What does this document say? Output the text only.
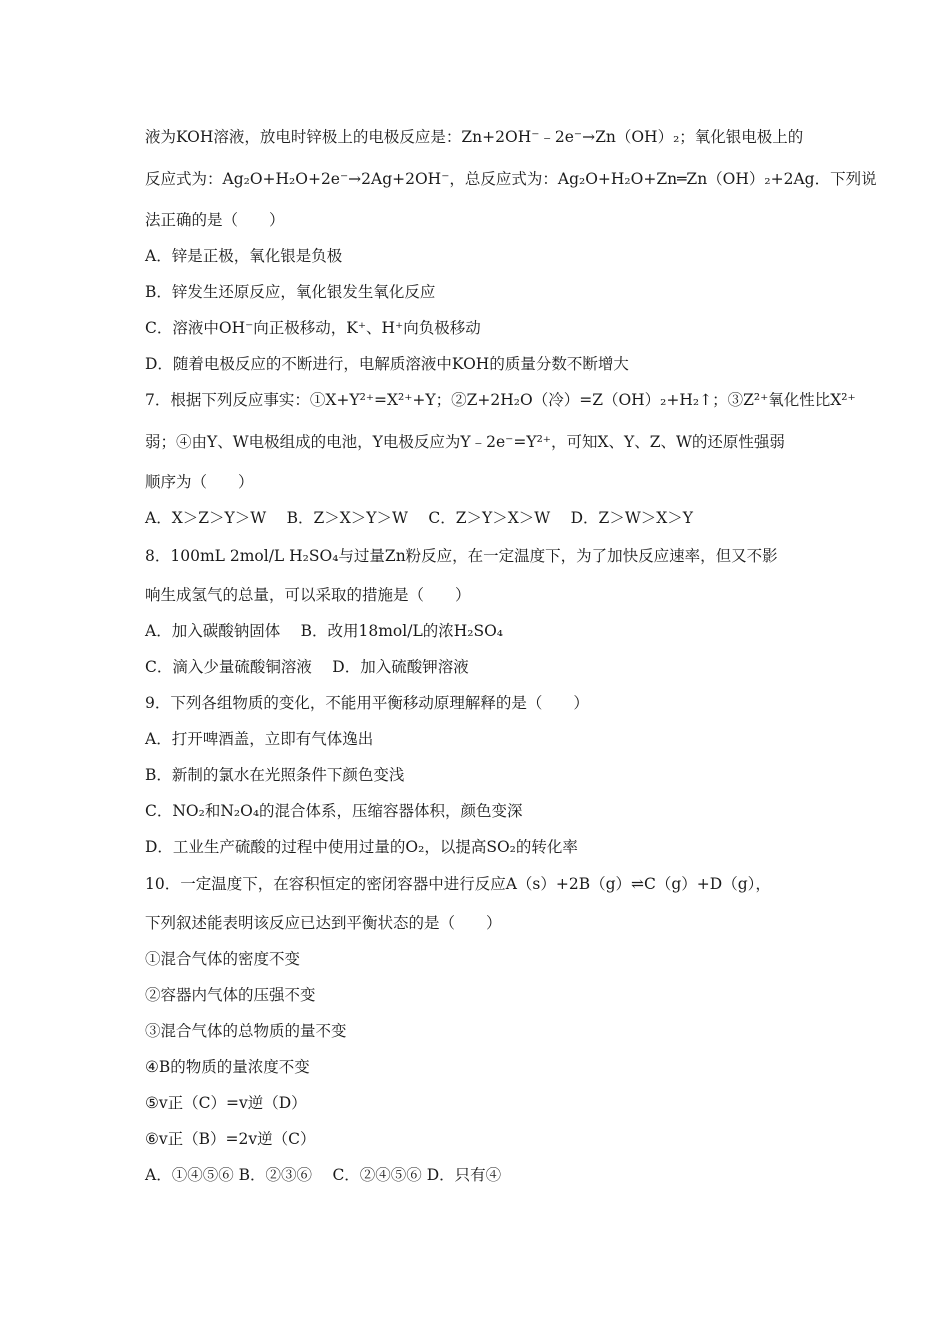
液为KOH溶液，放电时锌极上的电极反应是：Zn+2OH⁻﹣2e⁻→Zn（OH）₂；氧化银电极上的
反应式为：Ag₂O+H₂O+2e⁻→2Ag+2OH⁻，总反应式为：Ag₂O+H₂O+Zn═Zn（OH）₂+2Ag．下列说
法正确的是（　　）
A．锌是正极，氧化银是负极
B．锌发生还原反应，氧化银发生氧化反应
C．溶液中OH⁻向正极移动，K⁺、H⁺向负极移动
D．随着电极反应的不断进行，电解质溶液中KOH的质量分数不断增大
7．根据下列反应事实：①X+Y²⁺=X²⁺+Y；②Z+2H₂O（冷）=Z（OH）₂+H₂↑；③Z²⁺氧化性比X²⁺
弱；④由Y、W电极组成的电池，Y电极反应为Y﹣2e⁻=Y²⁺，可知X、Y、Z、W的还原性强弱
顺序为（　　）
A．X＞Z＞Y＞W　 B．Z＞X＞Y＞W　 C．Z＞Y＞X＞W　 D．Z＞W＞X＞Y
8．100mL 2mol/L H₂SO₄与过量Zn粉反应，在一定温度下，为了加快反应速率，但又不影
响生成氢气的总量，可以采取的措施是（　　）
A．加入碳酸钠固体　 B．改用18mol/L的浓H₂SO₄
C．滴入少量硫酸铜溶液　 D．加入硫酸钾溶液
9．下列各组物质的变化，不能用平衡移动原理解释的是（　　）
A．打开啤酒盖，立即有气体逸出
B．新制的氯水在光照条件下颜色变浅
C．NO₂和N₂O₄的混合体系，压缩容器体积，颜色变深
D．工业生产硫酸的过程中使用过量的O₂，以提高SO₂的转化率
10．一定温度下，在容积恒定的密闭容器中进行反应A（s）+2B（g）⇌C（g）+D（g），
下列叙述能表明该反应已达到平衡状态的是（　　）
①混合气体的密度不变
②容器内气体的压强不变
③混合气体的总物质的量不变
④B的物质的量浓度不变
⑤v正（C）=v逆（D）
⑥v正（B）=2v逆（C）
A．①④⑤⑥ B．②③⑥　 C．②④⑤⑥ D．只有④
